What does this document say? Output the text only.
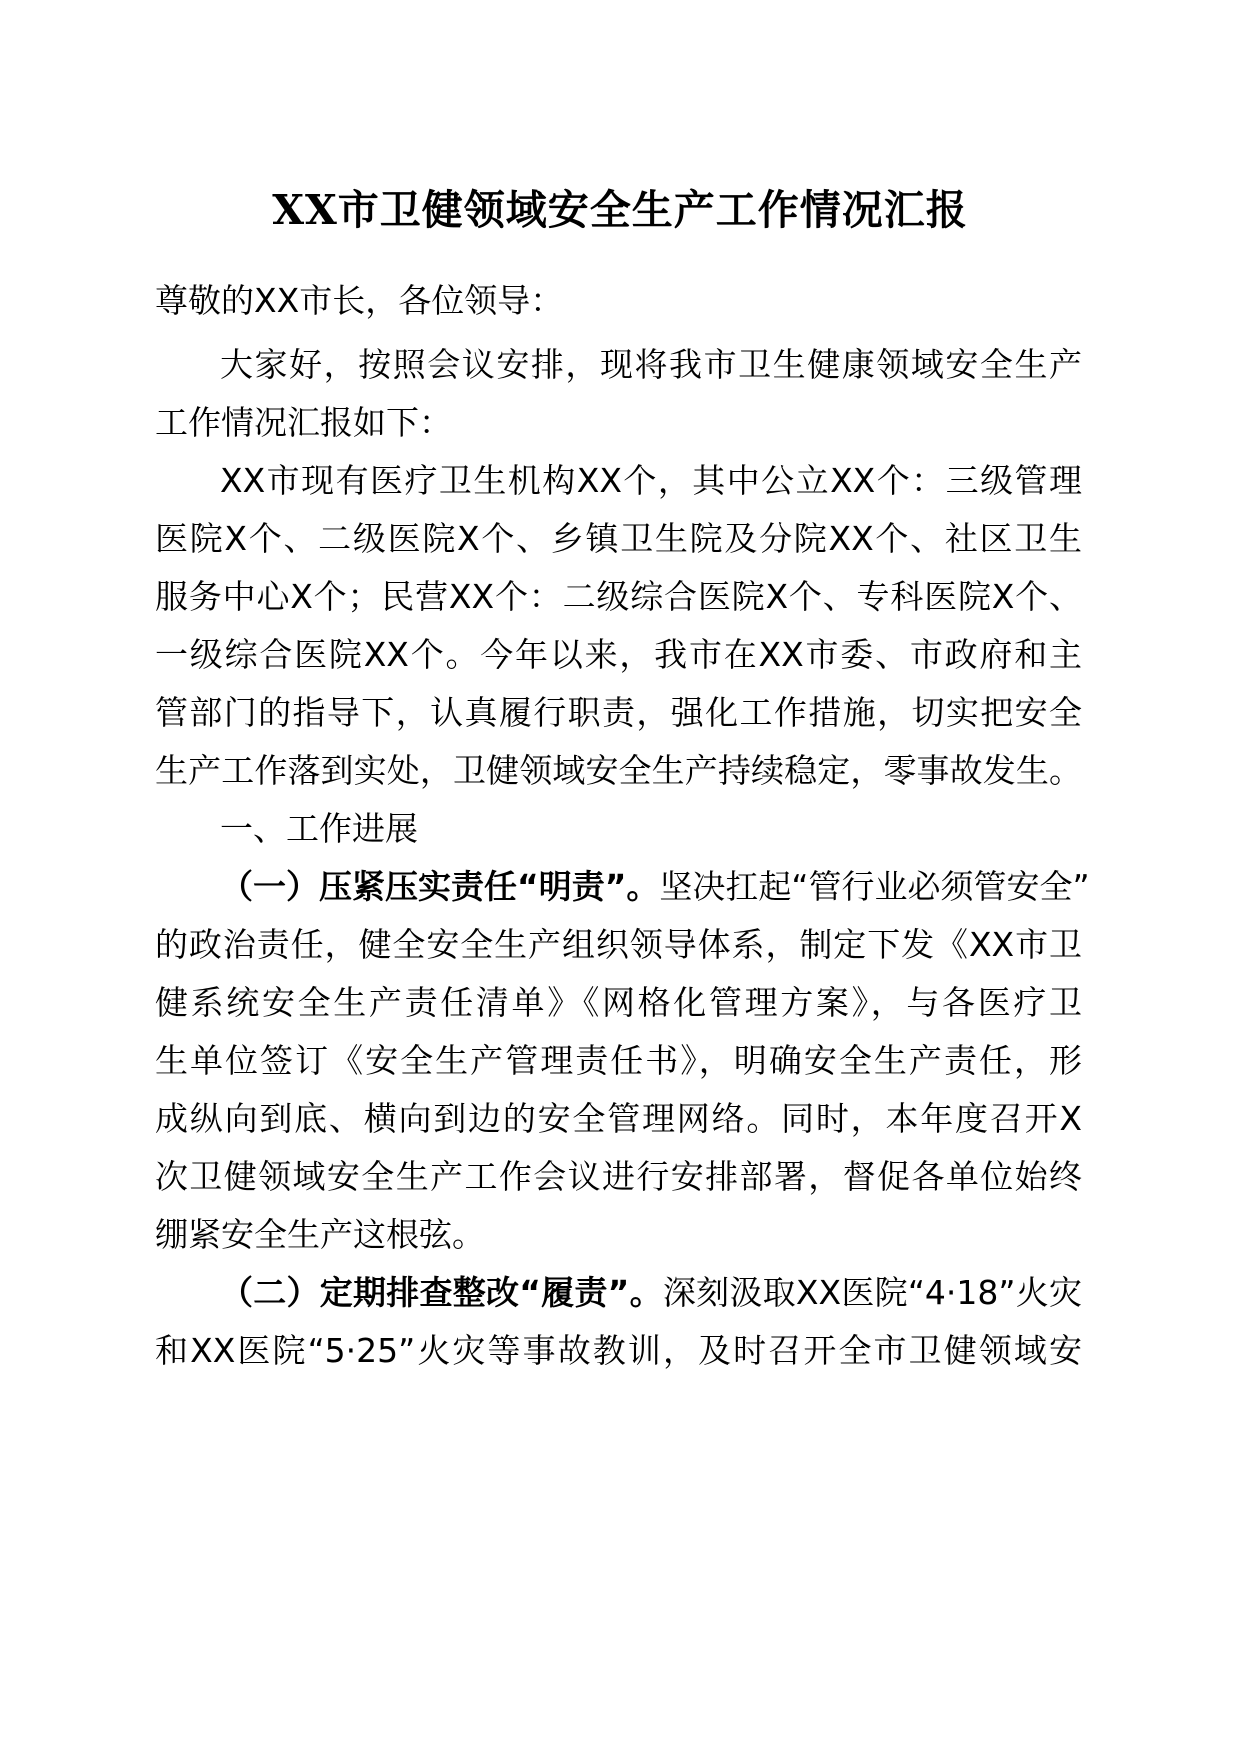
XX市卫健领域安全生产工作情况汇报
尊敬的XX市长，各位领导：
大家好，按照会议安排，现将我市卫生健康领域安全生产
工作情况汇报如下：
XX市现有医疗卫生机构XX个，其中公立XX个：三级管理
医院X个、二级医院X个、乡镇卫生院及分院XX个、社区卫生
服务中心X个；民营XX个：二级综合医院X个、专科医院X个、
一级综合医院XX个。今年以来，我市在XX市委、市政府和主
管部门的指导下，认真履行职责，强化工作措施，切实把安全
生产工作落到实处，卫健领域安全生产持续稳定，零事故发生。
一、工作进展
（一）压紧压实责任“明责”。坚决扛起“管行业必须管安全”
的政治责任，健全安全生产组织领导体系，制定下发《XX市卫
健系统安全生产责任清单》《网格化管理方案》，与各医疗卫
生单位签订《安全生产管理责任书》，明确安全生产责任，形
成纵向到底、横向到边的安全管理网络。同时，本年度召开X
次卫健领域安全生产工作会议进行安排部署，督促各单位始终
绷紧安全生产这根弦。
（二）定期排查整改“履责”。深刻汲取XX医院“4·18”火灾
和XX医院“5·25”火灾等事故教训，及时召开全市卫健领域安
